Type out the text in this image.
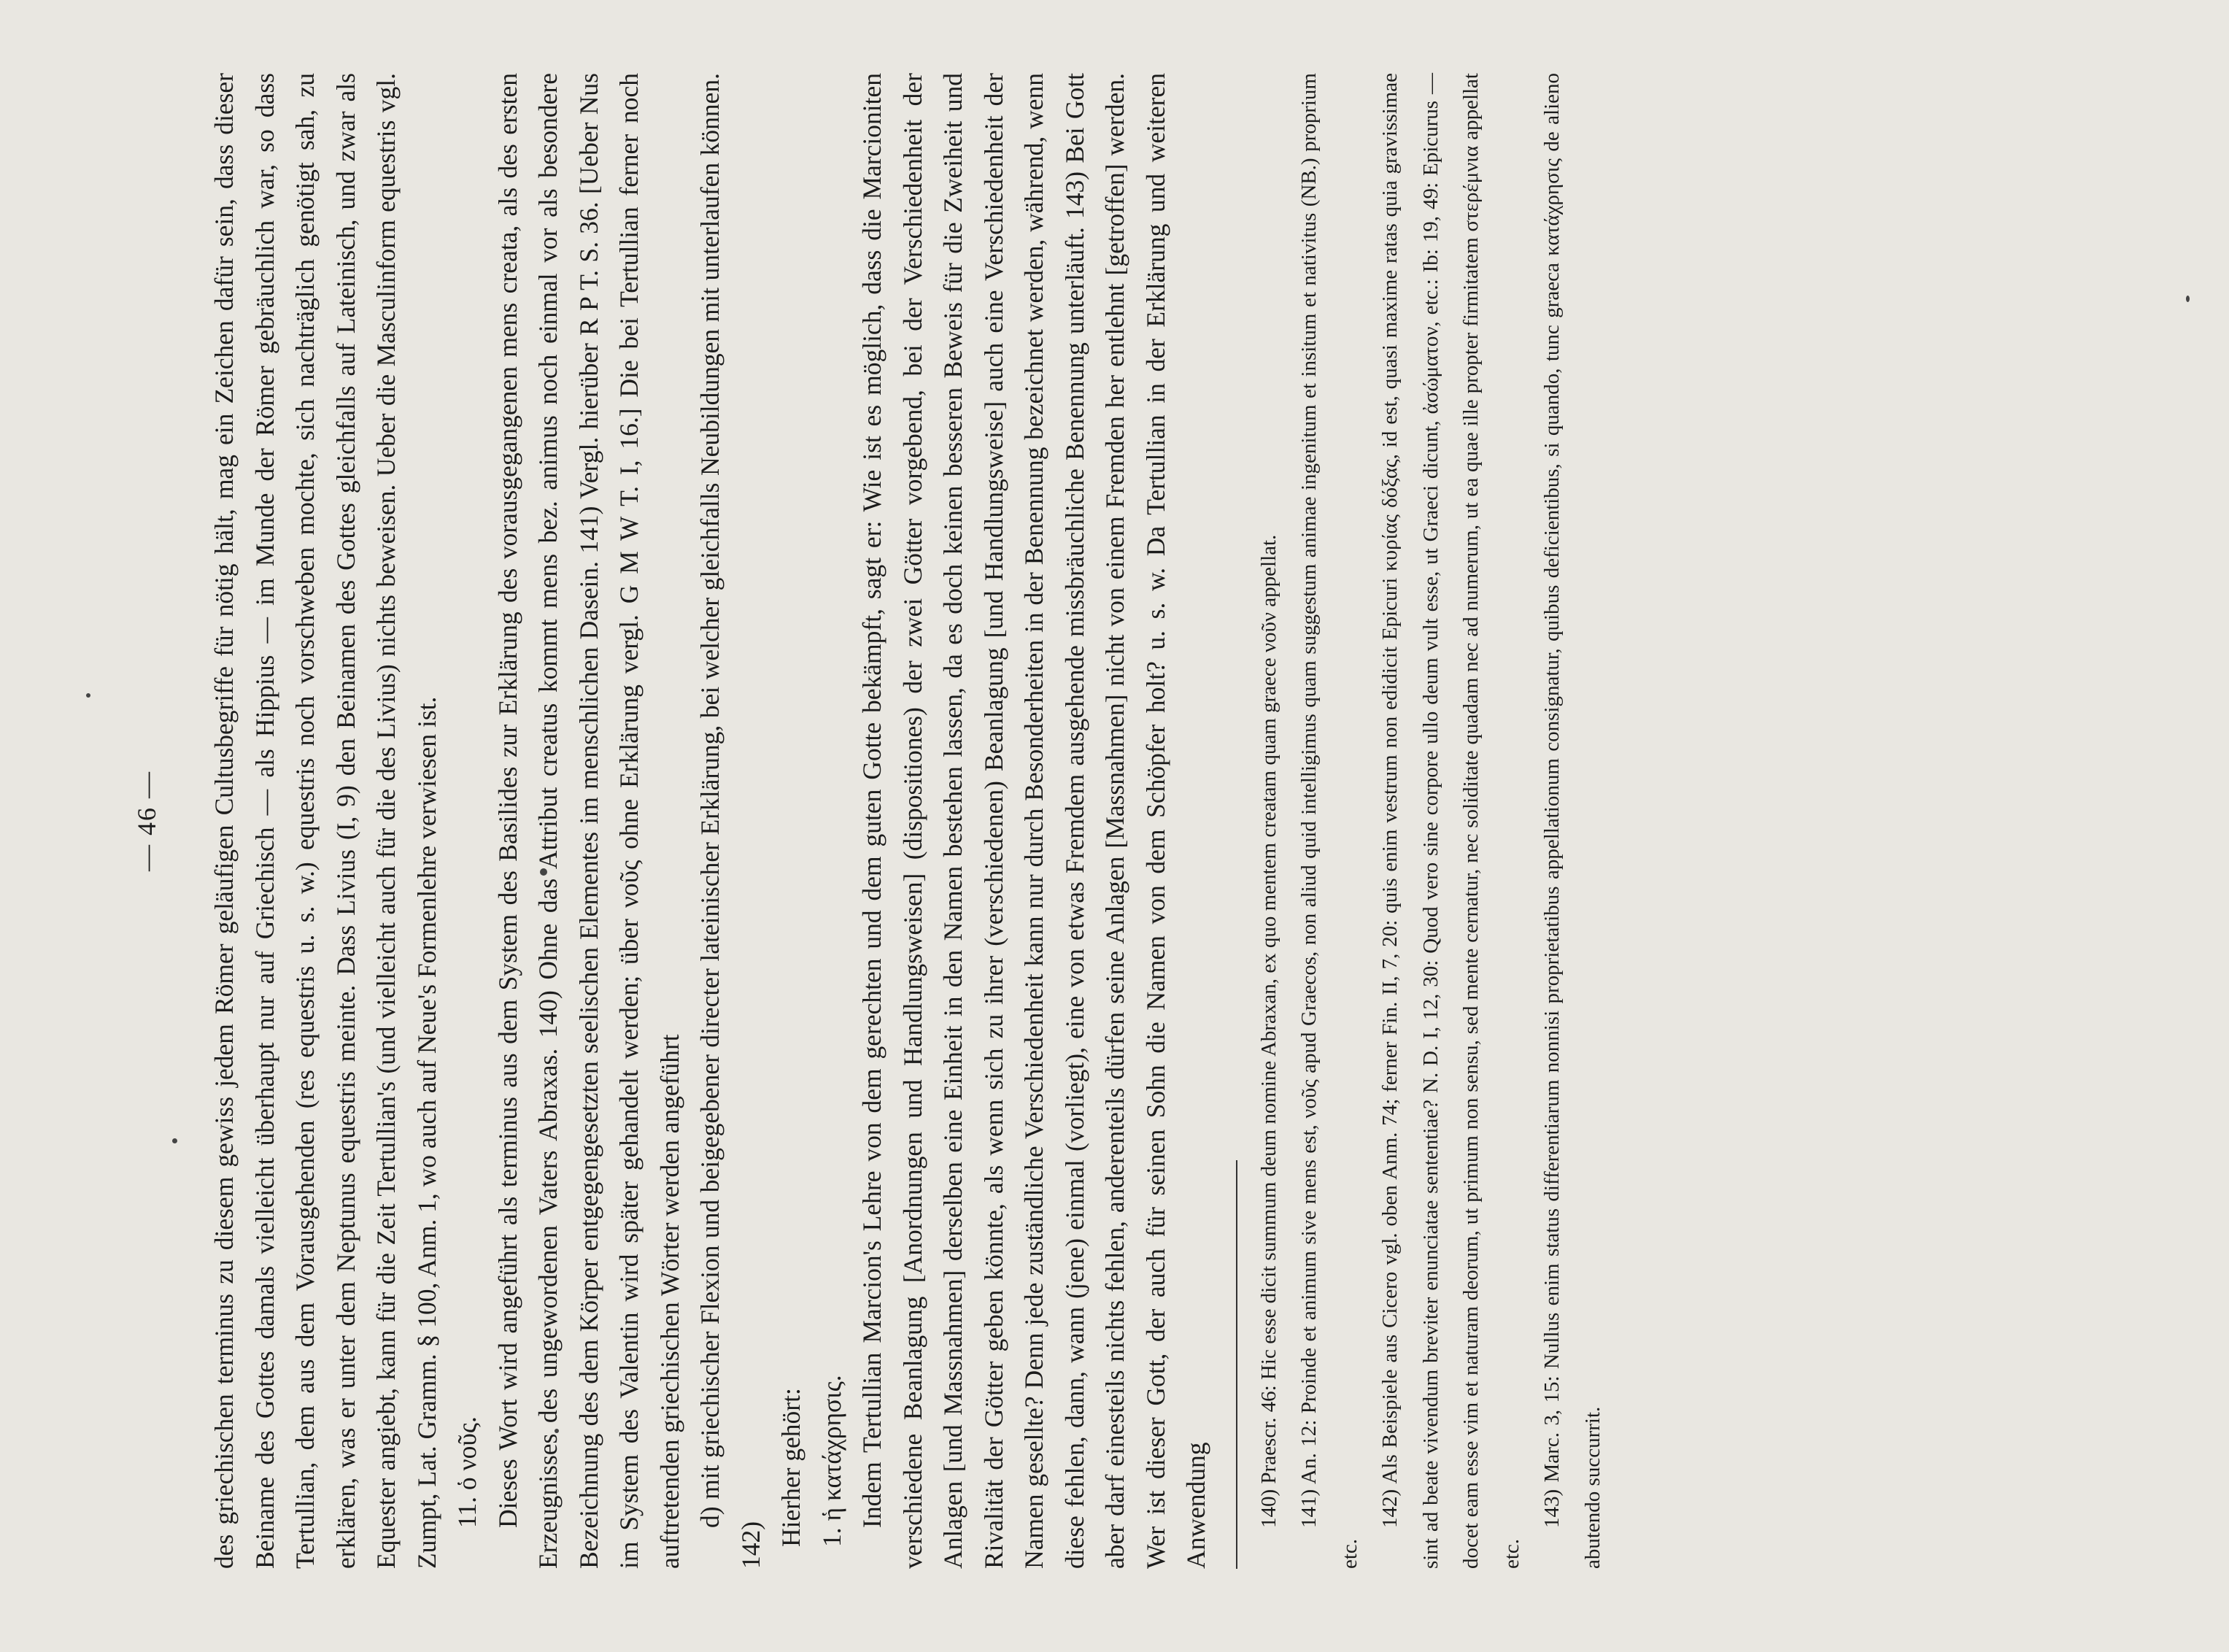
— 46 — des griechischen terminus zu diesem gewiss jedem Römer geläufigen Cultusbegriffe für nötig hält, mag ein Zeichen dafür sein, dass dieser Beiname des Gottes damals vielleicht überhaupt nur auf Griechisch — als Hippius — im Munde der Römer gebräuchlich war, so dass Tertullian, dem aus dem Vorausgehenden (res equestris u. s. w.) equestris noch vorschweben mochte, sich nachträglich genötigt sah, zu erklären, was er unter dem Neptunus equestris meinte. Dass Livius (I, 9) den Beinamen des Gottes gleichfalls auf Lateinisch, und zwar als Equester angiebt, kann für die Zeit Tertullian's (und vielleicht auch für die des Livius) nichts beweisen. Ueber die Masculinform equestris vgl. Zumpt, Lat. Gramm. § 100, Anm. 1, wo auch auf Neue's Formenlehre verwiesen ist. 11. ὁ νοῦς. Dieses Wort wird angeführt als terminus aus dem System des Basilides zur Erklärung des vorausgegangenen mens creata, als des ersten Erzeugnisses des ungewordenen Vaters Abraxas. 140) Ohne das Attribut creatus kommt mens bez. animus noch einmal vor als besondere Bezeichnung des dem Körper entgegengesetzten seelischen Elementes im menschlichen Dasein. 141) Vergl. hierüber R P T. S. 36. [Ueber Nus im System des Valentin wird später gehandelt werden; über νοῦς ohne Erklärung vergl. G M W T. I, 16.] Die bei Tertullian ferner noch auftretenden griechischen Wörter werden angeführt d) mit griechischer Flexion und beigegebener directer lateinischer Erklärung, bei welcher gleichfalls Neubildungen mit unterlaufen können. 142) Hierher gehört: 1. ἡ κατάχρησις. Indem Tertullian Marcion's Lehre von dem gerechten und dem guten Gotte bekämpft, sagt er: Wie ist es möglich, dass die Marcioniten verschiedene Beanlagung [Anordnungen und Handlungsweisen] (dispositiones) der zwei Götter vorgebend, bei der Verschiedenheit der Anlagen [und Massnahmen] derselben eine Einheit in den Namen bestehen lassen, da es doch keinen besseren Beweis für die Zweiheit und Rivalität der Götter geben könnte, als wenn sich zu ihrer (verschiedenen) Beanlagung [und Handlungsweise] auch eine Verschiedenheit der Namen gesellte? Denn jede zuständliche Verschiedenheit kann nur durch Besonderheiten in der Benennung bezeichnet werden, während, wenn diese fehlen, dann, wann (jene) einmal (vorliegt), eine von etwas Fremdem ausgehende missbräuchliche Benennung unterläuft. 143) Bei Gott aber darf einesteils nichts fehlen, anderenteils dürfen seine Anlagen [Massnahmen] nicht von einem Fremden her entlehnt [getroffen] werden. Wer ist dieser Gott, der auch für seinen Sohn die Namen von dem Schöpfer holt? u. s. w. Da Tertullian in der Erklärung und weiteren Anwendung	140) Praescr. 46: Hic esse dicit summum deum nomine Abraxan, ex quo mentem creatam quam graece νοῦν appellat. 141) An. 12: Proinde et animum sive mens est, νοῦς apud Graecos, non aliud quid intelligimus quam suggestum animae ingenitum et insitum et nativitus (NB.) proprium etc.

142) Als Beispiele aus Cicero vgl. oben Anm. 74; ferner Fin. II, 7, 20: quis enim vestrum non edidicit Epicuri κυρίας δόξας, id est, quasi maxime ratas quia gravissimae sint ad beate vivendum breviter enunciatae sententiae? N. D. I, 12, 30: Quod vero sine corpore ullo deum vult esse, ut Graeci dicunt, ἀσώματον, etc.: Ib: 19, 49: Epicurus — docet eam esse vim et naturam deorum, ut primum non sensu, sed mente cernatur, nec soliditate quadam nec ad numerum, ut ea quae ille propter firmitatem στερέμνια appellat etc.

143) Marc. 3, 15: Nullus enim status differentiarum nonnisi proprietatibus appellationum consignatur, quibus deficientibus, si quando, tunc graeca κατάχρησις de alieno abutendo succurrit.
